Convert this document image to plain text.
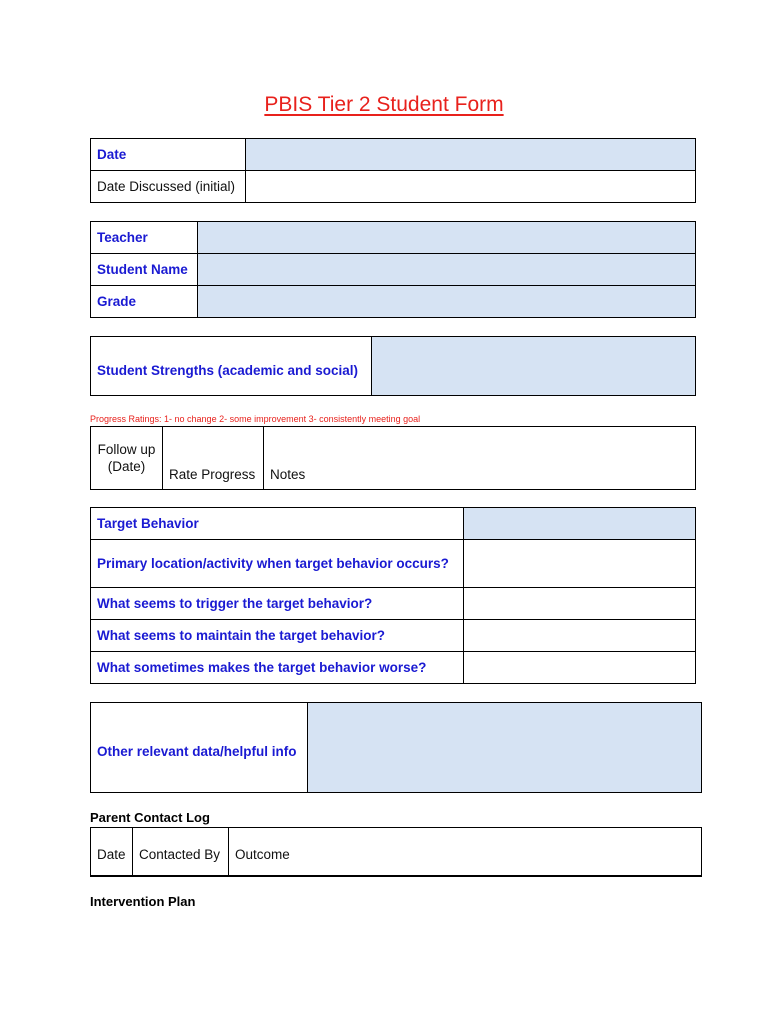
PBIS Tier 2 Student Form
Date	
Date Discussed (initial)	
Teacher	
Student Name	
Grade	
Student Strengths (academic and social)	
Progress Ratings: 1- no change 2- some improvement 3- consistently meeting goal
Follow up (Date)	Rate Progress	Notes
Target Behavior	
Primary location/activity when target behavior occurs?	
What seems to trigger the target behavior?	
What seems to maintain the target behavior?	
What sometimes makes the target behavior worse?	
Other relevant data/helpful info	
Parent Contact Log
Date	Contacted By	Outcome
Intervention Plan
